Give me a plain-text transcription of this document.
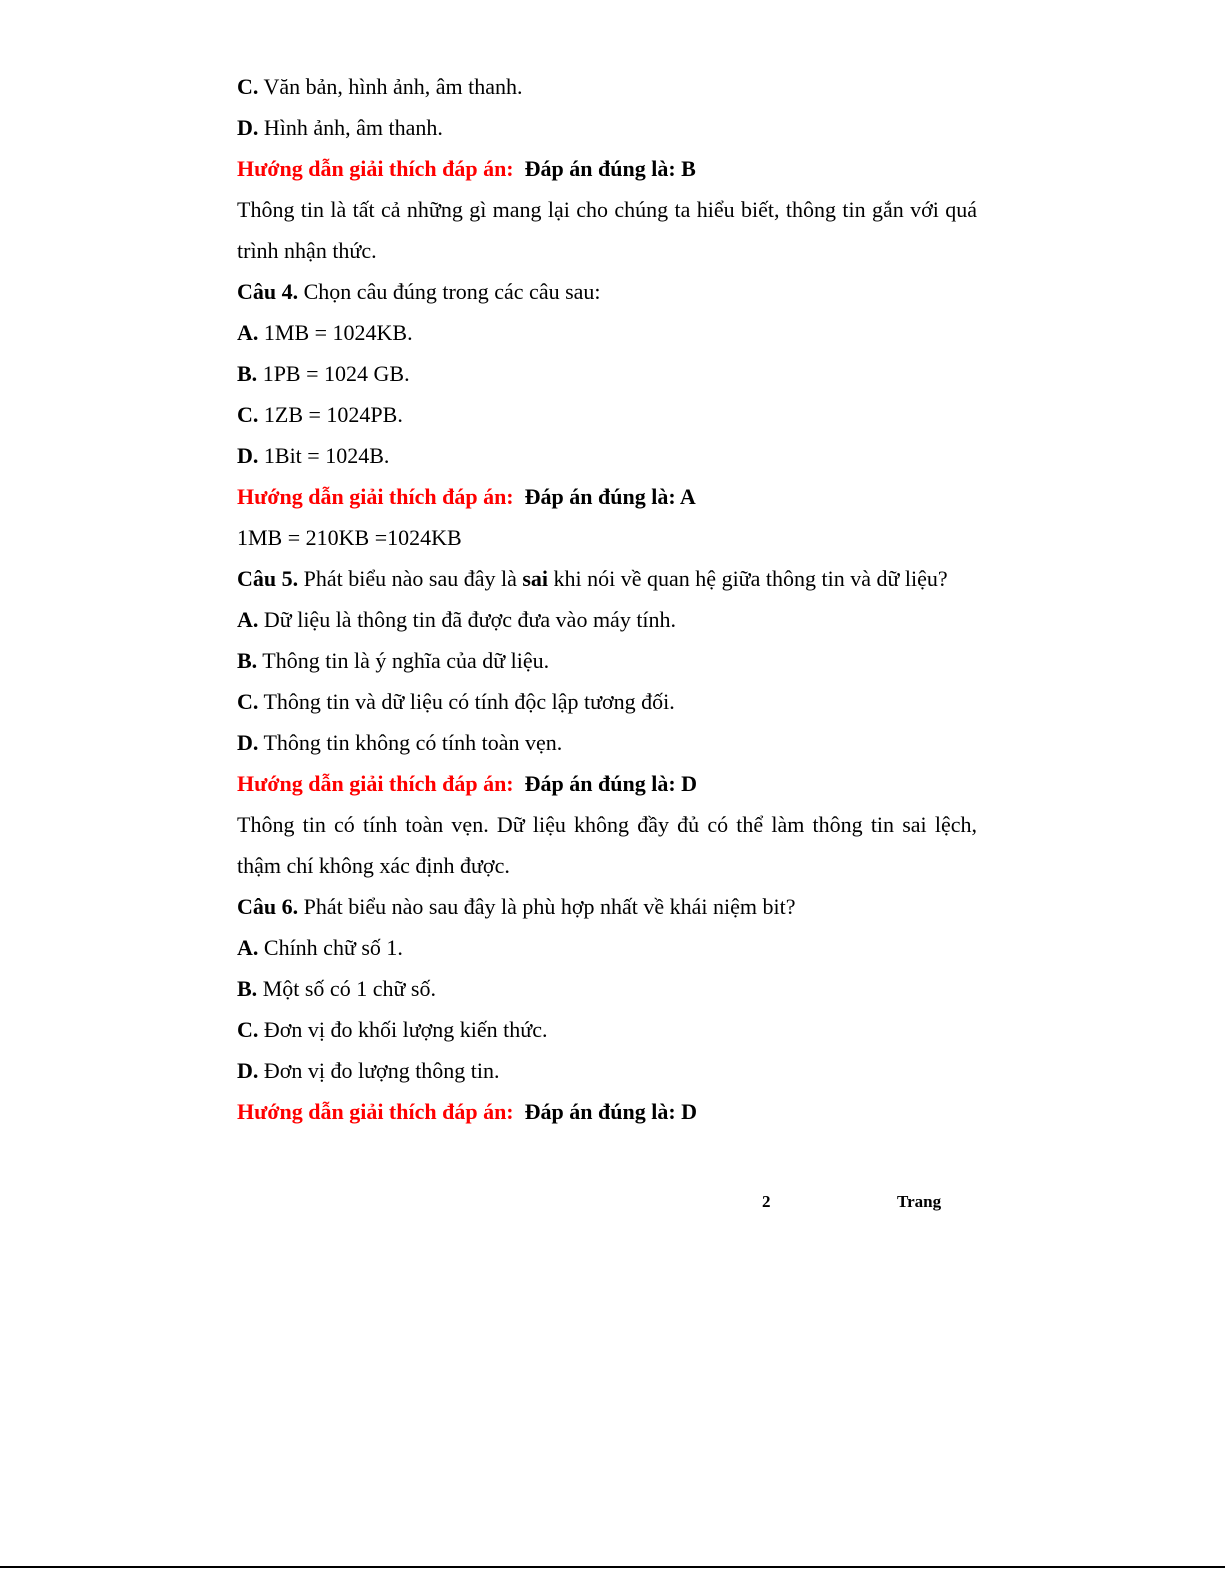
C. Văn bản, hình ảnh, âm thanh.
D. Hình ảnh, âm thanh.
Hướng dẫn giải thích đáp án: Đáp án đúng là: B
Thông tin là tất cả những gì mang lại cho chúng ta hiểu biết, thông tin gắn với quá trình nhận thức.
Câu 4. Chọn câu đúng trong các câu sau:
A. 1MB = 1024KB.
B. 1PB = 1024 GB.
C. 1ZB = 1024PB.
D. 1Bit = 1024B.
Hướng dẫn giải thích đáp án: Đáp án đúng là: A
1MB = 210KB =1024KB
Câu 5. Phát biểu nào sau đây là sai khi nói về quan hệ giữa thông tin và dữ liệu?
A. Dữ liệu là thông tin đã được đưa vào máy tính.
B. Thông tin là ý nghĩa của dữ liệu.
C. Thông tin và dữ liệu có tính độc lập tương đối.
D. Thông tin không có tính toàn vẹn.
Hướng dẫn giải thích đáp án: Đáp án đúng là: D
Thông tin có tính toàn vẹn. Dữ liệu không đầy đủ có thể làm thông tin sai lệch, thậm chí không xác định được.
Câu 6. Phát biểu nào sau đây là phù hợp nhất về khái niệm bit?
A. Chính chữ số 1.
B. Một số có 1 chữ số.
C. Đơn vị đo khối lượng kiến thức.
D. Đơn vị đo lượng thông tin.
Hướng dẫn giải thích đáp án: Đáp án đúng là: D
2	Trang
